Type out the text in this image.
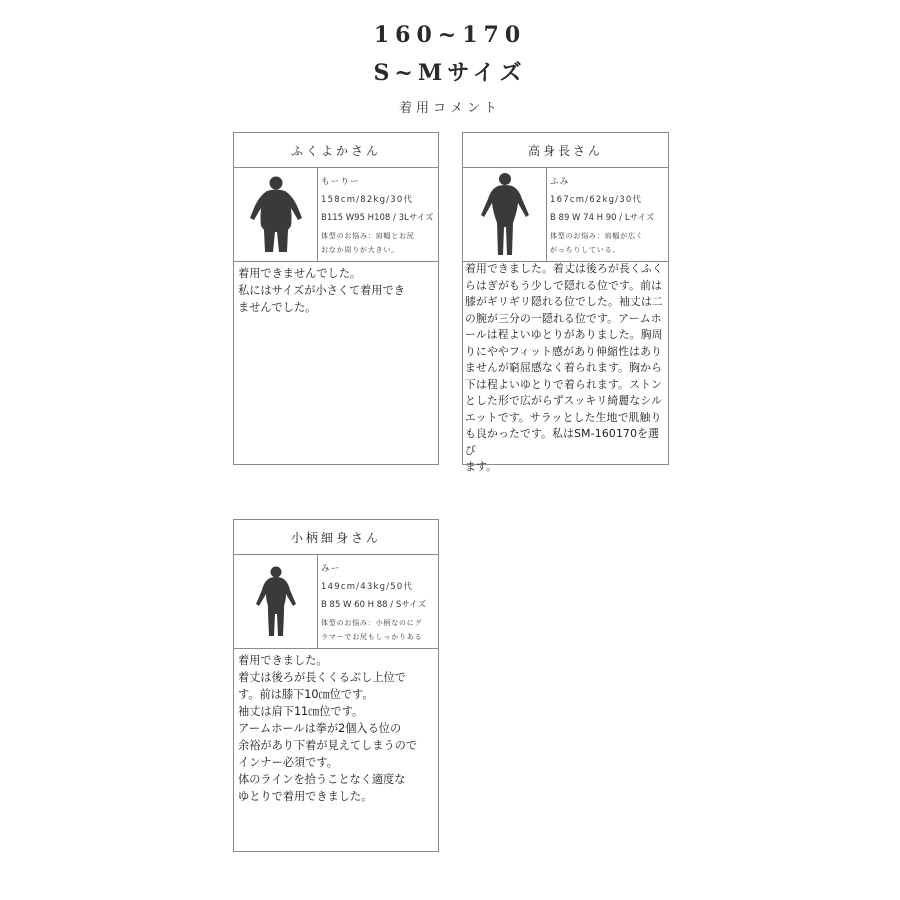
160~170
S~Mサイズ
着用コメント
ふくよかさん
もーりー
158cm/82kg/30代
B115 W95 H108 / 3Lサイズ
体型のお悩み：肩幅とお尻
おなか周りが大きい。
着用できませんでした。
私にはサイズが小さくて着用でき
ませんでした。
高身長さん
ふみ
167cm/62kg/30代
B 89 W 74 H 90 / Lサイズ
体型のお悩み：肩幅が広く
がっちりしている。
着用できました。着丈は後ろが長くふく
らはぎがもう少しで隠れる位です。前は
膝がギリギリ隠れる位でした。袖丈は二
の腕が三分の一隠れる位です。アームホ
ールは程よいゆとりがありました。胸周
りにややフィット感があり伸縮性はあり
ませんが窮屈感なく着られます。胸から
下は程よいゆとりで着られます。ストン
とした形で広がらずスッキリ綺麗なシル
エットです。サラッとした生地で肌触り
も良かったです。私はSM-160170を選び
ます。
小柄細身さん
みー
149cm/43kg/50代
B 85 W 60 H 88 / Sサイズ
体型のお悩み：小柄なのにグ
ラマーでお尻もしっかりある
着用できました。
着丈は後ろが長くくるぶし上位で
す。前は膝下10㎝位です。
袖丈は肩下11㎝位です。
アームホールは拳が2個入る位の
余裕があり下着が見えてしまうので
インナー必須です。
体のラインを拾うことなく適度な
ゆとりで着用できました。
